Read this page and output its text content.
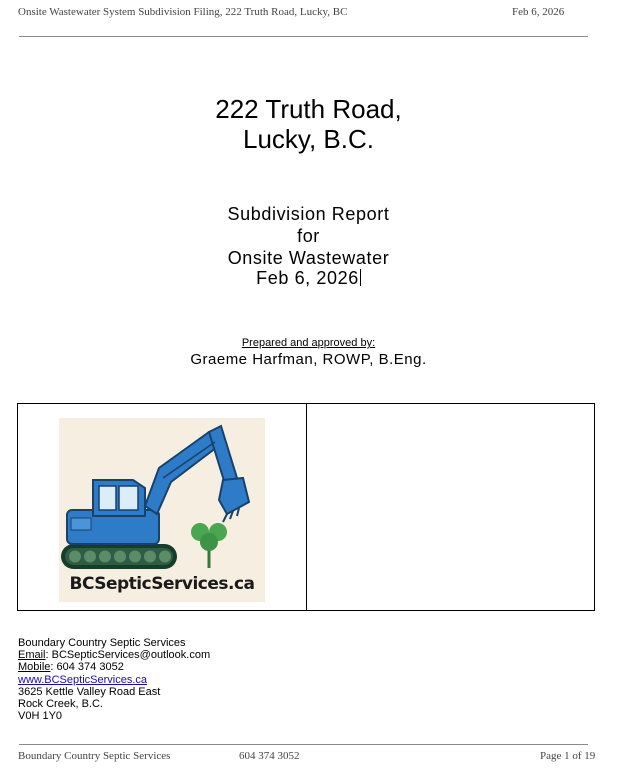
Onsite Wastewater System Subdivision Filing, 222 Truth Road, Lucky, BC	Feb 6, 2026
222 Truth Road,
Lucky, B.C.
Subdivision Report
for
Onsite Wastewater
Feb 6, 2026
Prepared and approved by:
Graeme Harfman, ROWP, B.Eng.
BCSepticServices.ca
Boundary Country Septic Services
Email: BCSepticServices@outlook.com
Mobile: 604 374 3052
www.BCSepticServices.ca
3625 Kettle Valley Road East
Rock Creek, B.C.
V0H 1Y0
Boundary Country Septic Services	604 374 3052	Page 1 of 19
